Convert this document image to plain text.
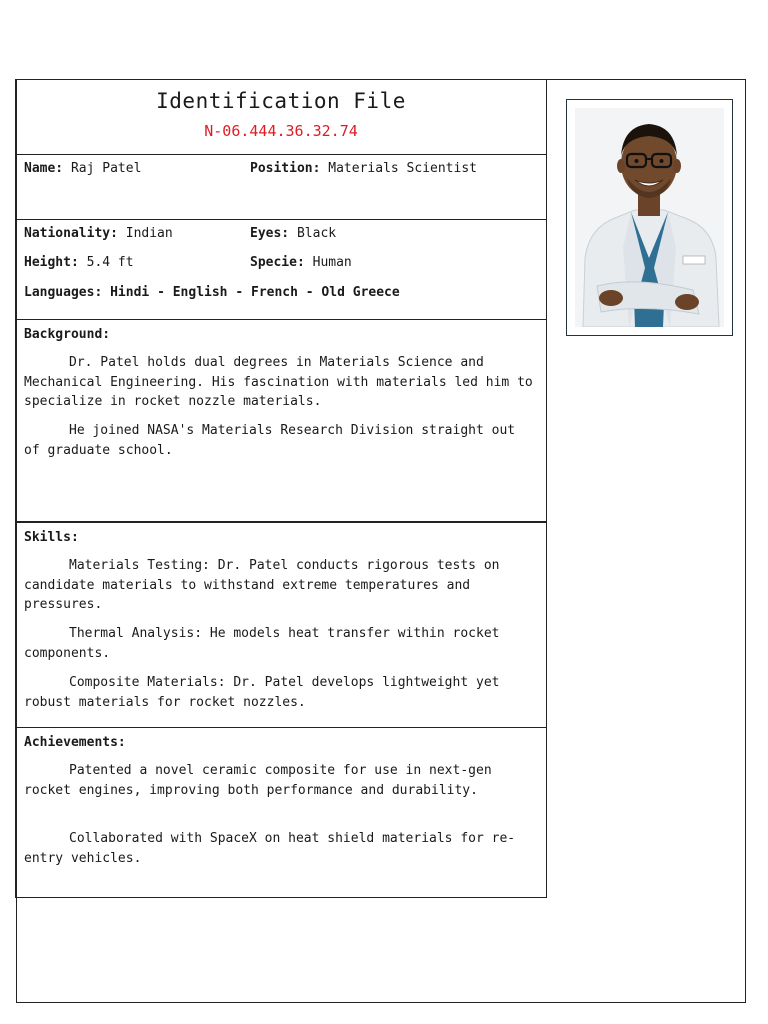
Identification File
N-06.444.36.32.74
Name: Raj Patel	Position: Materials Scientist
Nationality: Indian	Eyes: Black
Height: 5.4 ft	Specie: Human
Languages: Hindi - English - French - Old Greece
Background:
Dr. Patel holds dual degrees in Materials Science and Mechanical Engineering. His fascination with materials led him to specialize in rocket nozzle materials.
He joined NASA's Materials Research Division straight out of graduate school.
Skills:
Materials Testing: Dr. Patel conducts rigorous tests on candidate materials to withstand extreme temperatures and pressures.
Thermal Analysis: He models heat transfer within rocket components.
Composite Materials: Dr. Patel develops lightweight yet robust materials for rocket nozzles.
Achievements:
Patented a novel ceramic composite for use in next-gen rocket engines, improving both performance and durability.
Collaborated with SpaceX on heat shield materials for re-entry vehicles.
